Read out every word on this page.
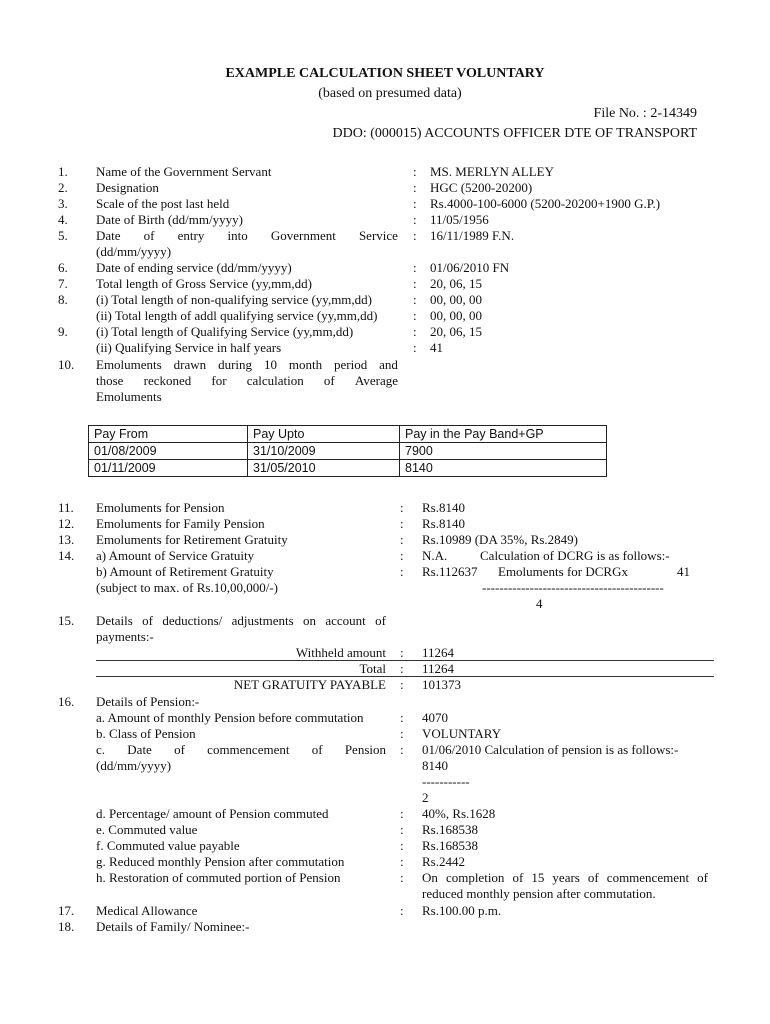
EXAMPLE CALCULATION SHEET VOLUNTARY
(based on presumed data)
File No. : 2-14349
DDO: (000015) ACCOUNTS OFFICER DTE OF TRANSPORT
1. Name of the Government Servant	: MS. MERLYN ALLEY
2. Designation	: HGC (5200-20200)
3. Scale of the post last held	: Rs.4000-100-6000 (5200-20200+1900 G.P.)
4. Date of Birth (dd/mm/yyyy)	: 11/05/1956
5. Date of entry into Government Service
(dd/mm/yyyy)
: 16/11/1989 F.N.
6. Date of ending service (dd/mm/yyyy)	: 01/06/2010 FN
7. Total length of Gross Service (yy,mm,dd)	: 20, 06, 15
8. (i) Total length of non-qualifying service (yy,mm,dd)	: 00, 00, 00
(ii) Total length of addl qualifying service (yy,mm,dd)	: 00, 00, 00
9. (i) Total length of Qualifying Service (yy,mm,dd)	: 20, 06, 15
(ii) Qualifying Service in half years	: 41
10. Emoluments drawn during 10 month period and
those reckoned for calculation of Average
Emoluments
Pay From	Pay Upto	Pay in the Pay Band+GP
01/08/2009	31/10/2009	7900
01/11/2009	31/05/2010	8140
11. Emoluments for Pension	: Rs.8140
12. Emoluments for Family Pension	: Rs.8140
13. Emoluments for Retirement Gratuity	: Rs.10989 (DA 35%, Rs.2849)
14. a) Amount of Service Gratuity	: N.A.	Calculation of DCRG is as follows:-
b) Amount of Retirement Gratuity	: Rs.112637 Emoluments for DCRGx	41
(subject to max. of Rs.10,00,000/-)	------------------------------------------
4
15. Details of deductions/ adjustments on account of
payments:-
Withheld amount : 11264
Total : 11264
NET GRATUITY PAYABLE : 101373
16. Details of Pension:-
a. Amount of monthly Pension before commutation	: 4070
b. Class of Pension	: VOLUNTARY
c. Date of commencement of Pension : 01/06/2010 Calculation of pension is as follows:-
(dd/mm/yyyy)	8140
-----------
2
d. Percentage/ amount of Pension commuted	: 40%, Rs.1628
e. Commuted value	: Rs.168538
f. Commuted value payable	: Rs.168538
g. Reduced monthly Pension after commutation	: Rs.2442
h. Restoration of commuted portion of Pension	: On completion of 15 years of commencement of
reduced monthly pension after commutation.
17. Medical Allowance	: Rs.100.00 p.m.
18. Details of Family/ Nominee:-
